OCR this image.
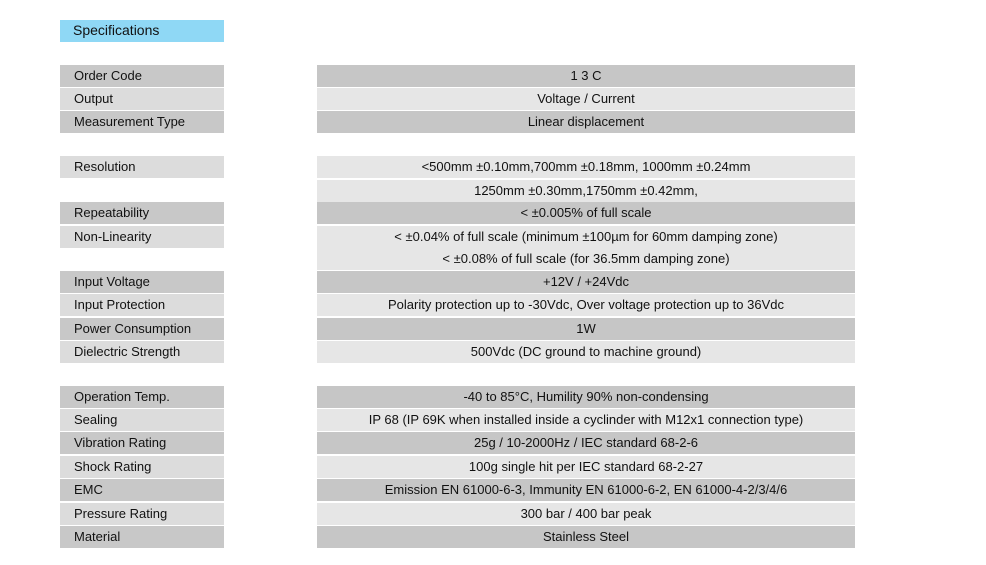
Specifications
Order Code	1 3 C
Output	Voltage / Current
Measurement Type	Linear displacement
Resolution	<500mm ±0.10mm,700mm ±0.18mm, 1000mm ±0.24mm
1250mm ±0.30mm,1750mm ±0.42mm,
Repeatability	< ±0.005% of full scale
Non-Linearity	< ±0.04% of full scale (minimum ±100µm for 60mm damping zone)
< ±0.08% of full scale (for 36.5mm damping zone)
Input Voltage	+12V / +24Vdc
Input Protection	Polarity protection up to -30Vdc, Over voltage protection up to 36Vdc
Power Consumption	1W
Dielectric Strength	500Vdc (DC ground to machine ground)
Operation Temp.	-40 to 85°C, Humility 90% non-condensing
Sealing	IP 68 (IP 69K when installed inside a cyclinder with M12x1 connection type)
Vibration Rating	25g / 10-2000Hz / IEC standard 68-2-6
Shock Rating	100g single hit per IEC standard 68-2-27
EMC	Emission EN 61000-6-3, Immunity EN 61000-6-2, EN 61000-4-2/3/4/6
Pressure Rating	300 bar / 400 bar peak
Material	Stainless Steel
